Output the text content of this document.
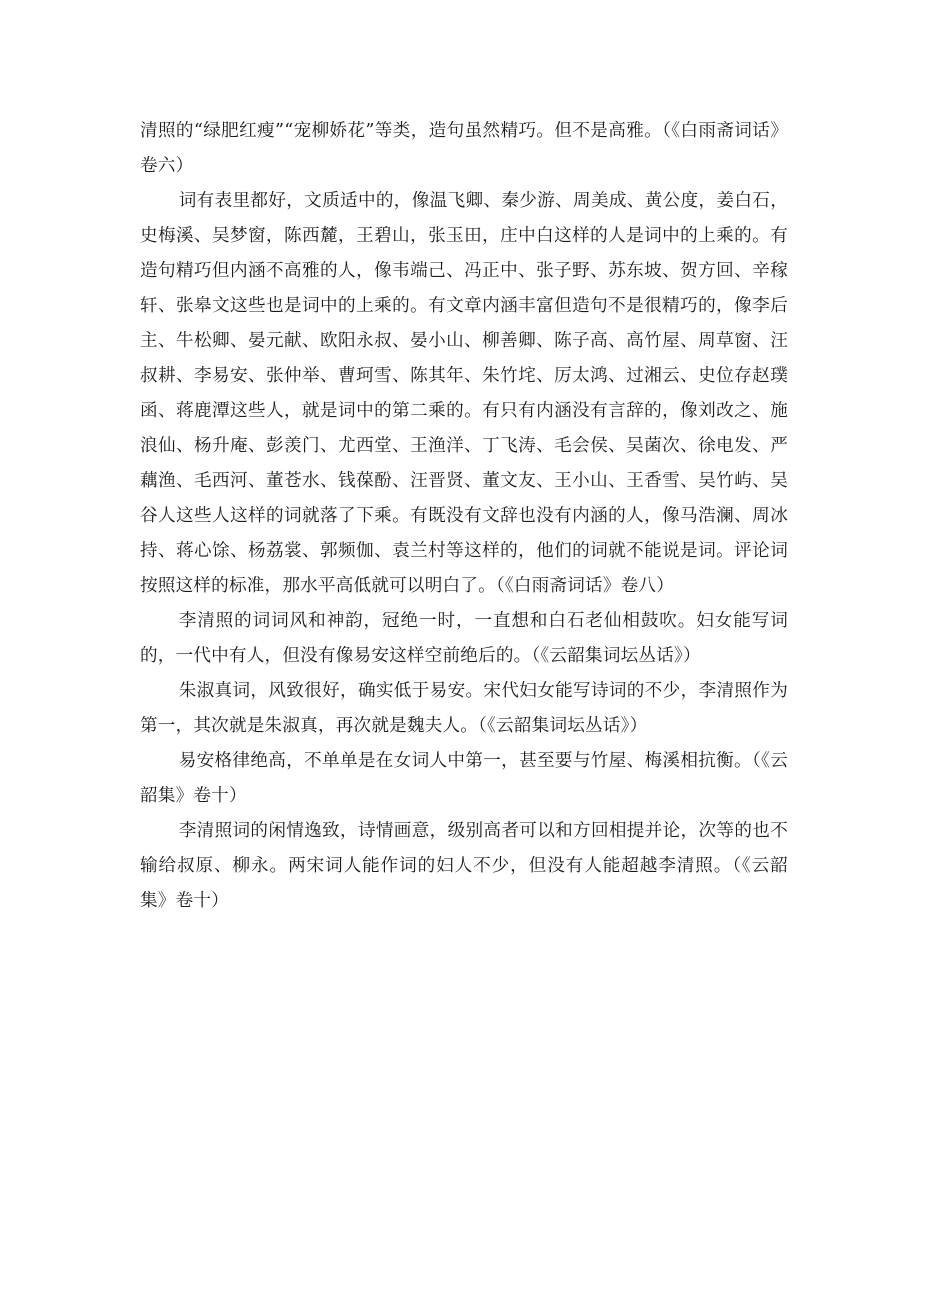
清照的“绿肥红瘦”“宠柳娇花”等类，造句虽然精巧。但不是高雅。（《白雨斋词话》卷六）

词有表里都好，文质适中的，像温飞卿、秦少游、周美成、黄公度，姜白石，史梅溪、吴梦窗，陈西麓，王碧山，张玉田，庄中白这样的人是词中的上乘的。有造句精巧但内涵不高雅的人，像韦端己、冯正中、张子野、苏东坡、贺方回、辛稼轩、张皋文这些也是词中的上乘的。有文章内涵丰富但造句不是很精巧的，像李后主、牛松卿、晏元献、欧阳永叔、晏小山、柳善卿、陈子高、高竹屋、周草窗、汪叔耕、李易安、张仲举、曹珂雪、陈其年、朱竹垞、厉太鸿、过湘云、史位存赵璞函、蒋鹿潭这些人，就是词中的第二乘的。有只有内涵没有言辞的，像刘改之、施浪仙、杨升庵、彭羡门、尤西堂、王渔洋、丁飞涛、毛会侯、吴菌次、徐电发、严藕渔、毛西河、董苍水、钱葆酚、汪晋贤、董文友、王小山、王香雪、吴竹屿、吴谷人这些人这样的词就落了下乘。有既没有文辞也没有内涵的人，像马浩澜、周冰持、蒋心馀、杨荔裳、郭频伽、袁兰村等这样的，他们的词就不能说是词。评论词按照这样的标准，那水平高低就可以明白了。（《白雨斋词话》卷八）

李清照的词词风和神韵，冠绝一时，一直想和白石老仙相鼓吹。妇女能写词的，一代中有人，但没有像易安这样空前绝后的。（《云韶集词坛丛话》）

朱淑真词，风致很好，确实低于易安。宋代妇女能写诗词的不少，李清照作为第一，其次就是朱淑真，再次就是魏夫人。（《云韶集词坛丛话》）

易安格律绝高，不单单是在女词人中第一，甚至要与竹屋、梅溪相抗衡。（《云韶集》卷十）

李清照词的闲情逸致，诗情画意，级别高者可以和方回相提并论，次等的也不输给叔原、柳永。两宋词人能作词的妇人不少，但没有人能超越李清照。（《云韶集》卷十）
